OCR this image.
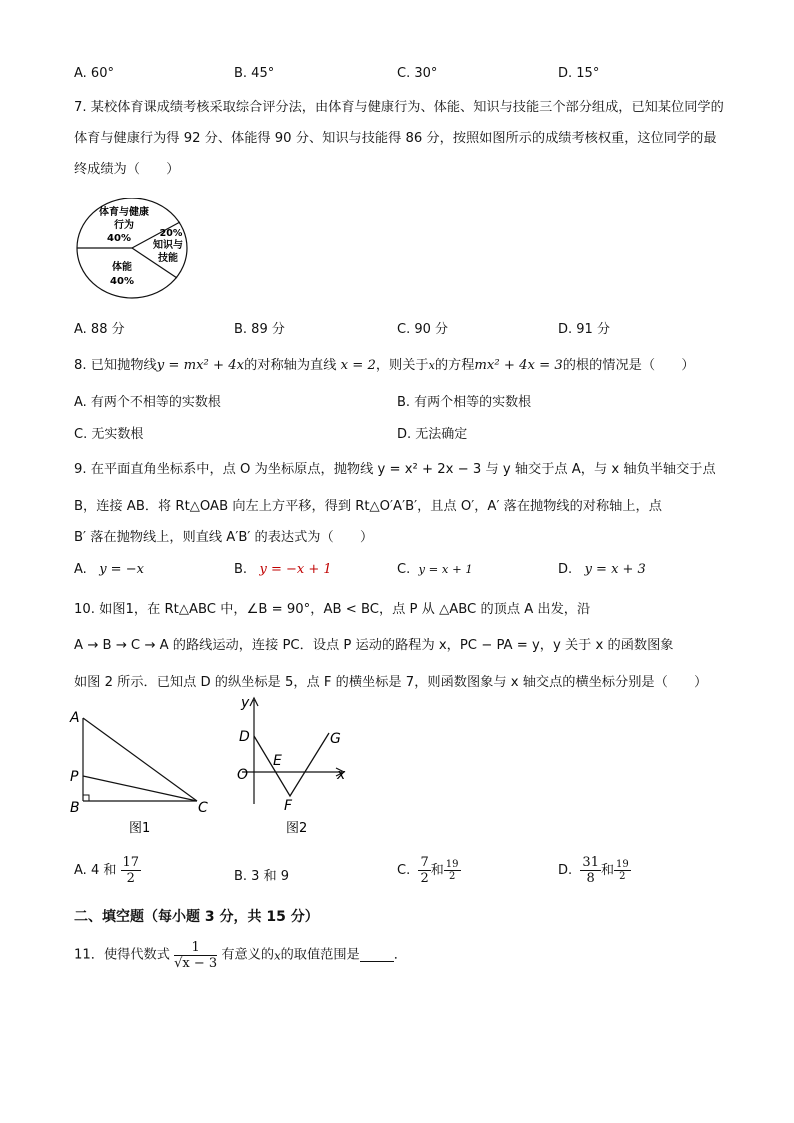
A. 60°	B. 45°	C. 30°	D. 15°
7. 某校体育课成绩考核采取综合评分法，由体育与健康行为、体能、知识与技能三个部分组成，已知某位同学的体育与健康行为得 92 分、体能得 90 分、知识与技能得 86 分，按照如图所示的成绩考核权重，这位同学的最终成绩为（　　）
体育与健康
行为
40%	20%
知识与
技能
体能
40%
A. 88 分	B. 89 分	C. 90 分	D. 91 分
8. 已知抛物线y = mx² + 4x的对称轴为直线 x = 2，则关于x的方程mx² + 4x = 3的根的情况是（　　）
A. 有两个不相等的实数根	B. 有两个相等的实数根
C. 无实数根	D. 无法确定
9. 在平面直角坐标系中，点 O 为坐标原点，抛物线 y = x² + 2x − 3 与 y 轴交于点 A，与 x 轴负半轴交于点
B，连接 AB．将 Rt△OAB 向左上方平移，得到 Rt△O′A′B′，且点 O′，A′ 落在抛物线的对称轴上，点
B′ 落在抛物线上，则直线 A′B′ 的表达式为（　　）
A. y = −x	B. y = −x + 1	C. y = x + 1	D. y = x + 3
10. 如图1，在 Rt△ABC 中，∠B = 90°，AB < BC，点 P 从 △ABC 的顶点 A 出发，沿
A → B → C → A 的路线运动，连接 PC．设点 P 运动的路程为 x，PC − PA = y，y 关于 x 的函数图象
如图 2 所示．已知点 D 的纵坐标是 5，点 F 的横坐标是 7，则函数图象与 x 轴交点的横坐标分别是（　　）
A
P
B	C
图1
y
x
D
E
O
F
G
图2
A. 4 和 $\frac{17}{2}$	B. 3 和 9	C. $\frac{7}{2}$ 和 $\frac{19}{2}$	D. $\frac{31}{8}$ 和 $\frac{19}{2}$
二、填空题（每小题 3 分，共 15 分）
11．使得代数式 $\frac{1}{√x - 3}$ 有意义的x的取值范围是	．
